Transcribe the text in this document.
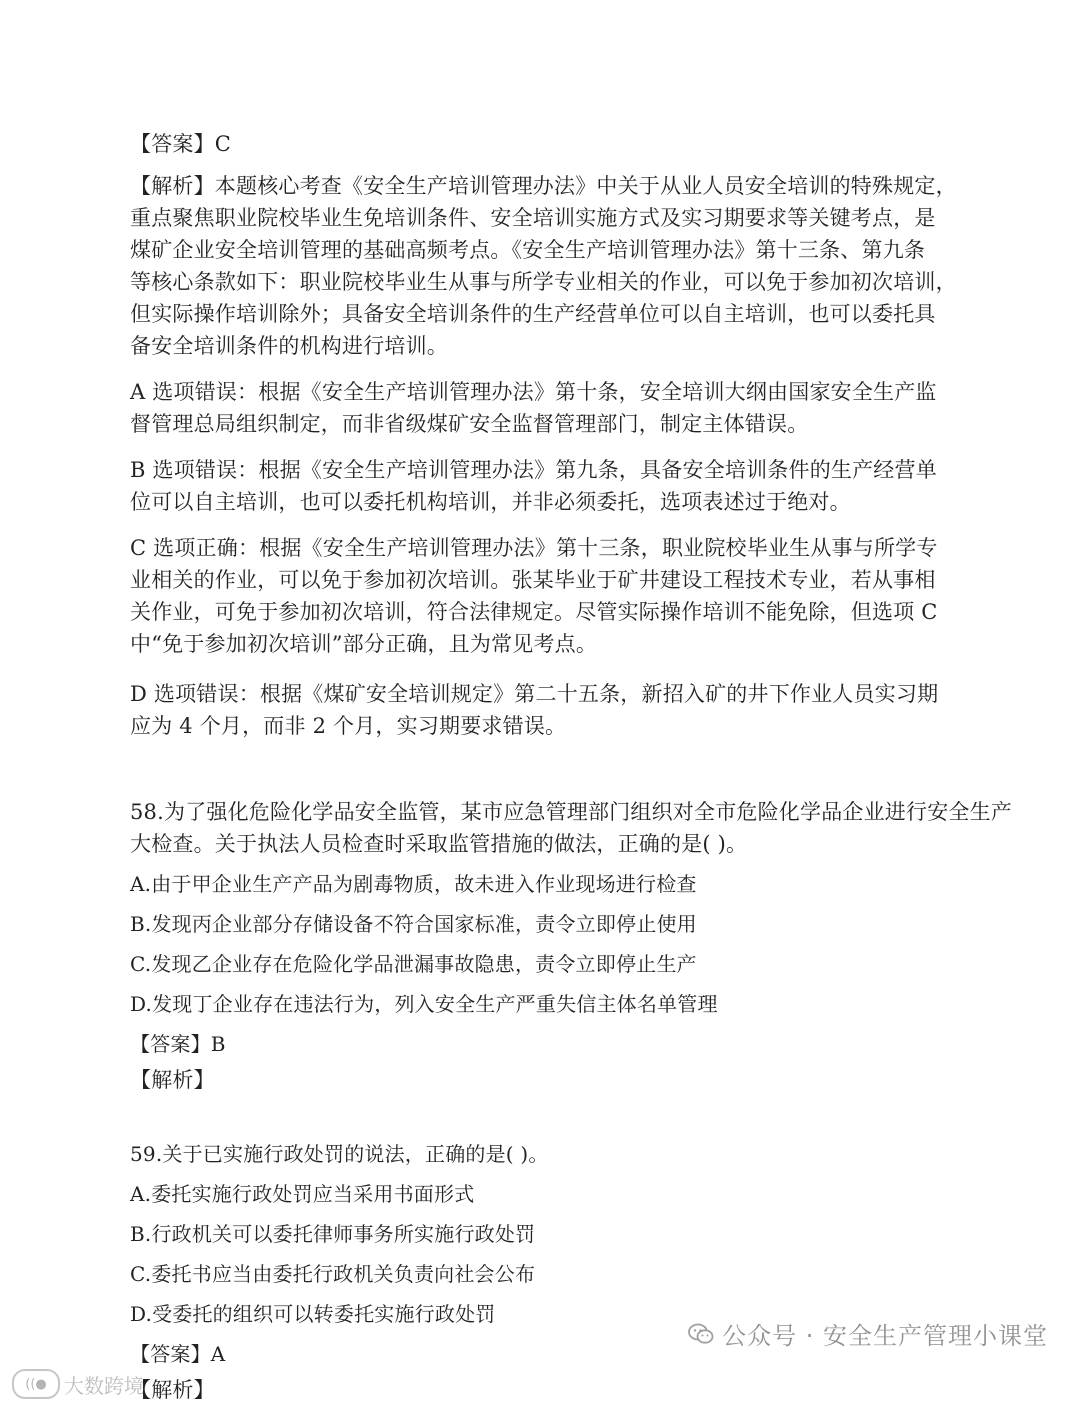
【答案】C
【解析】本题核心考查《安全生产培训管理办法》中关于从业人员安全培训的特殊规定，
重点聚焦职业院校毕业生免培训条件、安全培训实施方式及实习期要求等关键考点，是
煤矿企业安全培训管理的基础高频考点。《安全生产培训管理办法》第十三条、第九条
等核心条款如下：职业院校毕业生从事与所学专业相关的作业，可以免于参加初次培训，
但实际操作培训除外；具备安全培训条件的生产经营单位可以自主培训，也可以委托具
备安全培训条件的机构进行培训。
A 选项错误：根据《安全生产培训管理办法》第十条，安全培训大纲由国家安全生产监
督管理总局组织制定，而非省级煤矿安全监督管理部门，制定主体错误。
B 选项错误：根据《安全生产培训管理办法》第九条，具备安全培训条件的生产经营单
位可以自主培训，也可以委托机构培训，并非必须委托，选项表述过于绝对。
C 选项正确：根据《安全生产培训管理办法》第十三条，职业院校毕业生从事与所学专
业相关的作业，可以免于参加初次培训。张某毕业于矿井建设工程技术专业，若从事相
关作业，可免于参加初次培训，符合法律规定。尽管实际操作培训不能免除，但选项 C
中“免于参加初次培训”部分正确，且为常见考点。
D 选项错误：根据《煤矿安全培训规定》第二十五条，新招入矿的井下作业人员实习期
应为 4 个月，而非 2 个月，实习期要求错误。
58.为了强化危险化学品安全监管，某市应急管理部门组织对全市危险化学品企业进行安全生产
大检查。关于执法人员检查时采取监管措施的做法，正确的是( )。
A.由于甲企业生产产品为剧毒物质，故未进入作业现场进行检查
B.发现丙企业部分存储设备不符合国家标准，责令立即停止使用
C.发现乙企业存在危险化学品泄漏事故隐患，责令立即停止生产
D.发现丁企业存在违法行为，列入安全生产严重失信主体名单管理
【答案】B
【解析】
59.关于已实施行政处罚的说法，正确的是( )。
A.委托实施行政处罚应当采用书面形式
B.行政机关可以委托律师事务所实施行政处罚
C.委托书应当由委托行政机关负责向社会公布
D.受委托的组织可以转委托实施行政处罚
【答案】A
【解析】
((● 大数跨境
公众号 · 安全生产管理小课堂
